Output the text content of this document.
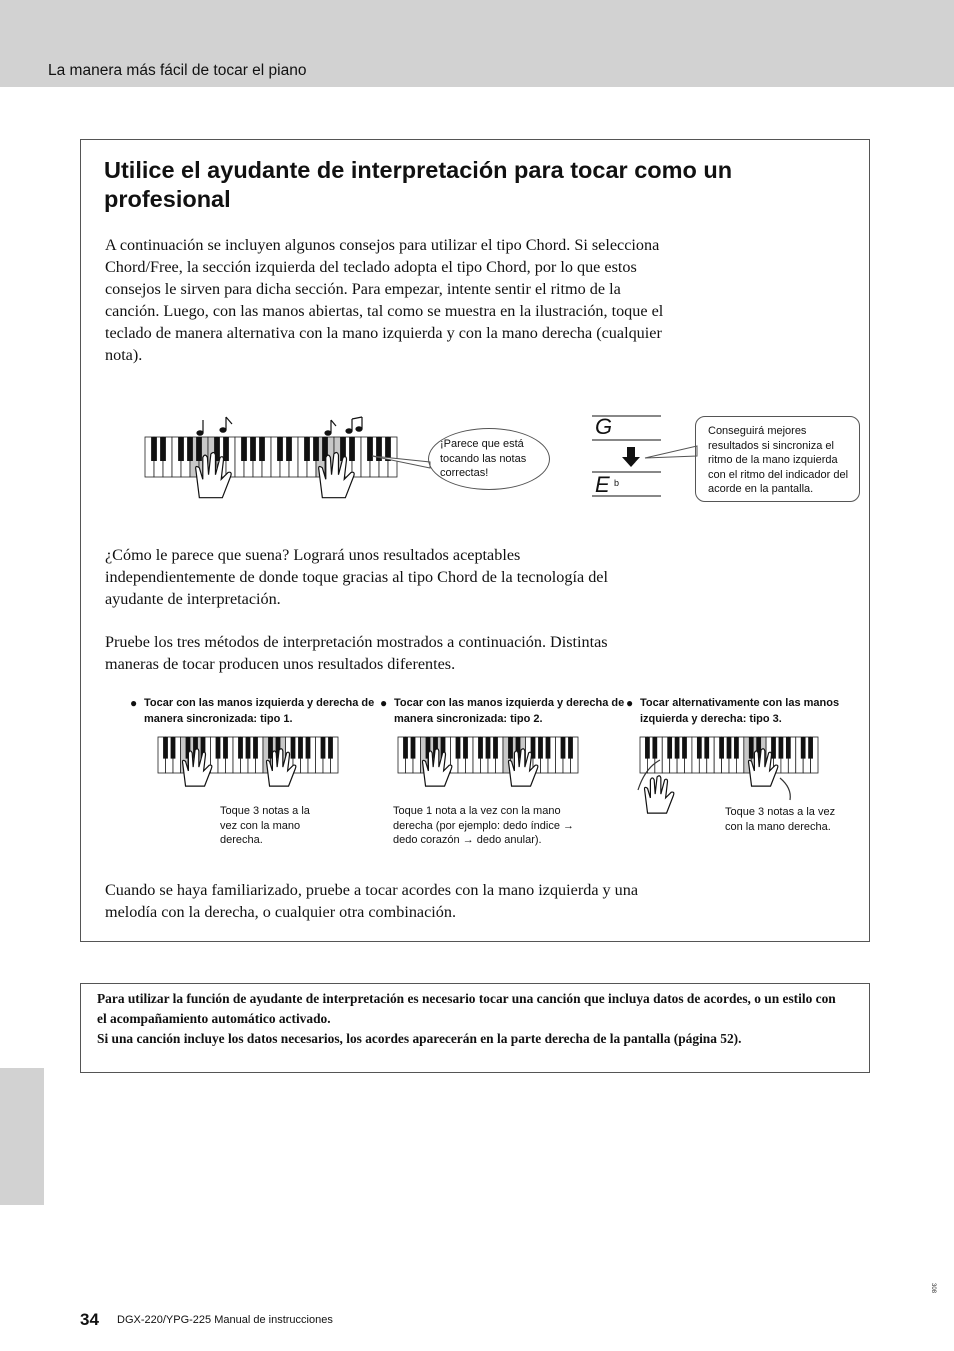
La manera más fácil de tocar el piano
Utilice el ayudante de interpretación para tocar como un profesional

A continuación se incluyen algunos consejos para utilizar el tipo Chord. Si selecciona Chord/Free, la sección izquierda del teclado adopta el tipo Chord, por lo que estos consejos le sirven para dicha sección. Para empezar, intente sentir el ritmo de la canción. Luego, con las manos abiertas, tal como se muestra en la ilustración, toque el teclado de manera alternativa con la mano izquierda y con la mano derecha (cualquier nota).

¡Parece que está tocando las notas correctas!
Conseguirá mejores resultados si sincroniza el ritmo de la mano izquierda con el ritmo del indicador del acorde en la pantalla.
G
E b

¿Cómo le parece que suena? Logrará unos resultados aceptables independientemente de donde toque gracias al tipo Chord de la tecnología del ayudante de interpretación.

Pruebe los tres métodos de interpretación mostrados a continuación. Distintas maneras de tocar producen unos resultados diferentes.

● Tocar con las manos izquierda y derecha de manera sincronizada: tipo 1.
● Tocar con las manos izquierda y derecha de manera sincronizada: tipo 2.
● Tocar alternativamente con las manos izquierda y derecha: tipo 3.
Toque 3 notas a la vez con la mano derecha.
Toque 1 nota a la vez con la mano derecha (por ejemplo: dedo índice → dedo corazón → dedo anular).
Toque 3 notas a la vez con la mano derecha.

Cuando se haya familiarizado, pruebe a tocar acordes con la mano izquierda y una melodía con la derecha, o cualquier otra combinación.

Para utilizar la función de ayudante de interpretación es necesario tocar una canción que incluya datos de acordes, o un estilo con el acompañamiento automático activado.
Si una canción incluye los datos necesarios, los acordes aparecerán en la parte derecha de la pantalla (página 52).
34 DGX-220/YPG-225 Manual de instrucciones
308
